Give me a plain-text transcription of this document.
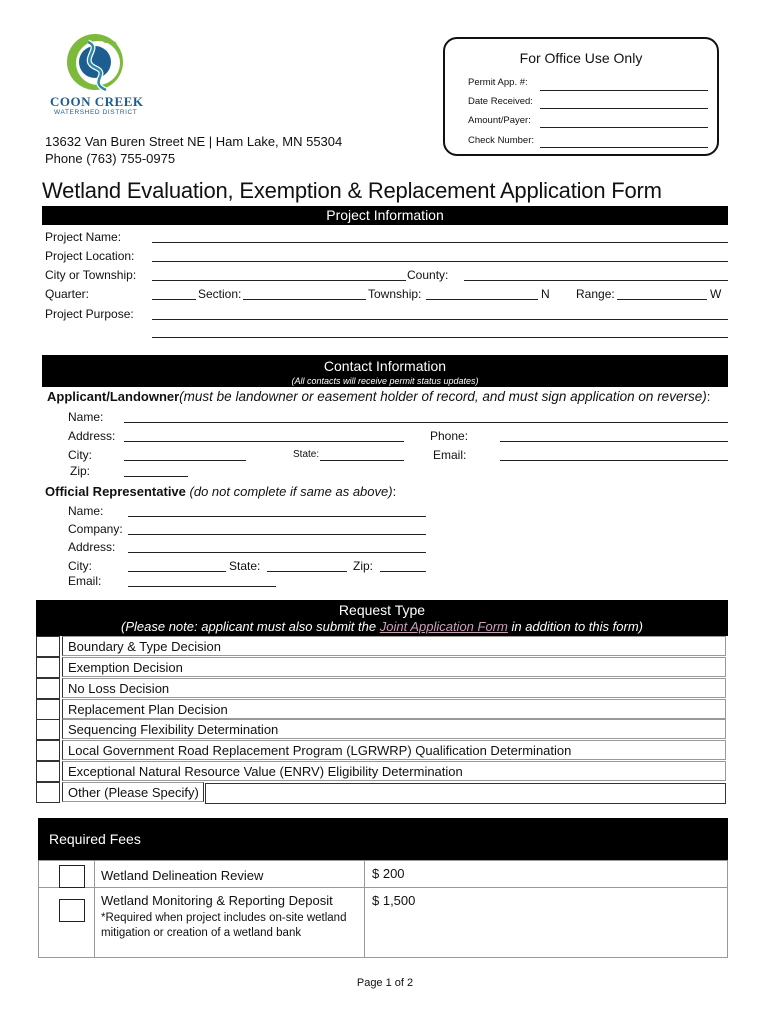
COON CREEK
WATERSHED DISTRICT
13632 Van Buren Street NE | Ham Lake, MN 55304
Phone (763) 755-0975
For Office Use Only
Permit App. #:
Date Received:
Amount/Payer:
Check Number:
Wetland Evaluation, Exemption & Replacement Application Form
Project Information
Project Name:
Project Location:
City or Township:	County:
Quarter:	Section:	Township:	N Range:	W
Project Purpose:
Contact Information
(All contacts will receive permit status updates)
Applicant/Landowner(must be landowner or easement holder of record, and must sign application on reverse):
Name:
Address:	Phone:
City:	State:	Email:
Zip:
Official Representative (do not complete if same as above):
Name:
Company:
Address:
City:	State:	Zip:
Email:
Request Type
(Please note: applicant must also submit the Joint Application Form in addition to this form)
Boundary & Type Decision
Exemption Decision
No Loss Decision
Replacement Plan Decision
Sequencing Flexibility Determination
Local Government Road Replacement Program (LGRWRP) Qualification Determination
Exceptional Natural Resource Value (ENRV) Eligibility Determination
Other (Please Specify)
Required Fees
Wetland Delineation Review	$ 200
Wetland Monitoring & Reporting Deposit	$ 1,500
*Required when project includes on-site wetland mitigation or creation of a wetland bank
Page 1 of 2
